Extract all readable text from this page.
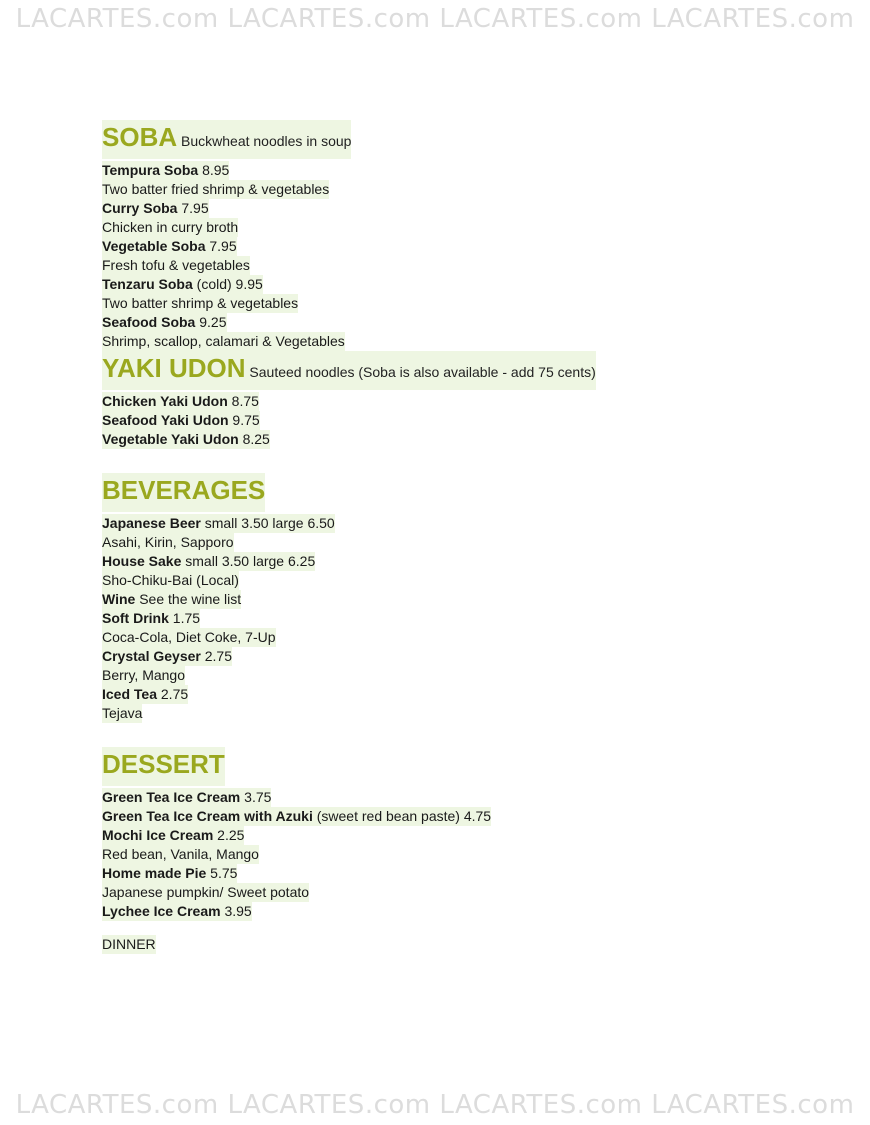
LACARTES.com LACARTES.com LACARTES.com LACARTES.com
SOBA Buckwheat noodles in soup
Tempura Soba 8.95
Two batter fried shrimp & vegetables
Curry Soba 7.95
Chicken in curry broth
Vegetable Soba 7.95
Fresh tofu & vegetables
Tenzaru Soba (cold) 9.95
Two batter shrimp & vegetables
Seafood Soba 9.25
Shrimp, scallop, calamari & Vegetables
YAKI UDON Sauteed noodles (Soba is also available - add 75 cents)
Chicken Yaki Udon 8.75
Seafood Yaki Udon 9.75
Vegetable Yaki Udon 8.25
BEVERAGES
Japanese Beer small 3.50 large 6.50
Asahi, Kirin, Sapporo
House Sake small 3.50 large 6.25
Sho-Chiku-Bai (Local)
Wine See the wine list
Soft Drink 1.75
Coca-Cola, Diet Coke, 7-Up
Crystal Geyser 2.75
Berry, Mango
Iced Tea 2.75
Tejava
DESSERT
Green Tea Ice Cream 3.75
Green Tea Ice Cream with Azuki (sweet red bean paste) 4.75
Mochi Ice Cream 2.25
Red bean, Vanila, Mango
Home made Pie 5.75
Japanese pumpkin/ Sweet potato
Lychee Ice Cream 3.95
DINNER
LACARTES.com LACARTES.com LACARTES.com LACARTES.com
